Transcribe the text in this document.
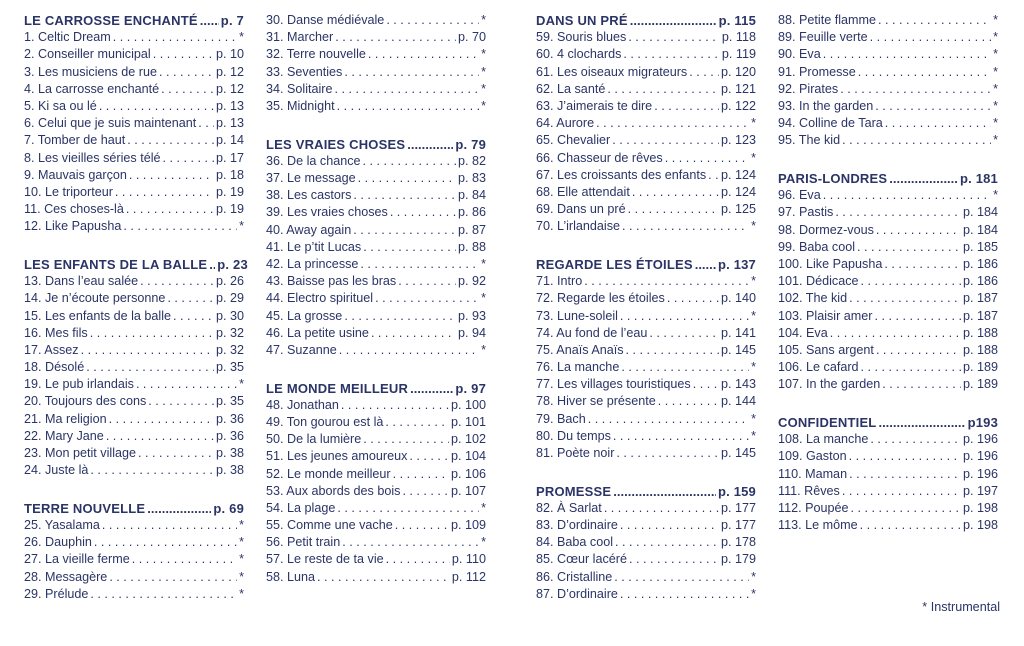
LE CARROSSE ENCHANTÉ ..... p. 7
1. Celtic Dream . . .	*
2. Conseiller municipal . . .	p. 10
3. Les musiciens de rue . . .	p. 12
4. La carrosse enchanté . . .	p. 12
5. Ki sa ou lé . . .	p. 13
6. Celui que je suis maintenant . . . p. 13
7. Tomber de haut . . .	p. 14
8. Les vieilles séries télé . . .	p. 17
9. Mauvais garçon . . .	p. 18
10. Le triporteur . . .	p. 19
11. Ces choses-là . . .	p. 19
12. Like Papusha . . .	*
LES ENFANTS DE LA BALLE ..... p. 23
13. Dans l’eau salée . . .	p. 26
14. Je n’écoute personne . . .	p. 29
15. Les enfants de la balle . . .	p. 30
16. Mes fils . . .	p. 32
17. Assez . . .	p. 32
18. Désolé . . .	p. 35
19. Le pub irlandais . . .	*
20. Toujours des cons . . .	p. 35
21. Ma religion . . .	p. 36
22. Mary Jane . . .	p. 36
23. Mon petit village . . .	p. 38
24. Juste là . . .	p. 38
TERRE NOUVELLE .....	p. 69
25. Yasalama . . .	*
26. Dauphin . . .	*
27. La vieille ferme . . .	*
28. Messagère . . .	*
29. Prélude . . .	*
30. Danse médiévale . . .	*
31. Marcher . . .	p. 70
32. Terre nouvelle . . .	*
33. Seventies . . .	*
34. Solitaire . . .	*
35. Midnight . . .	*
LES VRAIES CHOSES .....	p. 79
36. De la chance . . .	p. 82
37. Le message . . .	p. 83
38. Les castors . . .	p. 84
39. Les vraies choses . . .	p. 86
40. Away again . . .	p. 87
41. Le p’tit Lucas . . .	p. 88
42. La princesse . . .	*
43. Baisse pas les bras . . .	p. 92
44. Electro spirituel . . .	*
45. La grosse . . .	p. 93
46. La petite usine . . .	p. 94
47. Suzanne . . .	*
LE MONDE MEILLEUR .....	p. 97
48. Jonathan . . .	p. 100
49. Ton gourou est là . . .	p. 101
50. De la lumière . . .	p. 102
51. Les jeunes amoureux . . .	p. 104
52. Le monde meilleur . . .	p. 106
53. Aux abords des bois . . .	p. 107
54. La plage . . .	*
55. Comme une vache . . .	p. 109
56. Petit train . . .	*
57. Le reste de ta vie . . .	p. 110
58. Luna . . .	p. 112
DANS UN PRÉ .....	p. 115
59. Souris blues . . .	p. 118
60. 4 clochards . . .	p. 119
61. Les oiseaux migrateurs . . .	p. 120
62. La santé . . .	p. 121
63. J’aimerais te dire . . .	p. 122
64. Aurore . . .	*
65. Chevalier . . .	p. 123
66. Chasseur de rêves . . .	*
67. Les croissants des enfants . . . p. 124
68. Elle attendait . . .	p. 124
69. Dans un pré . . .	p. 125
70. L’irlandaise . . .	*
REGARDE LES ÉTOILES ..... p. 137
71. Intro . . .	*
72. Regarde les étoiles . . .	p. 140
73. Lune-soleil . . .	*
74. Au fond de l’eau . . .	p. 141
75. Anaïs Anaïs . . .	p. 145
76. La manche . . .	*
77. Les villages touristiques . . . p. 143
78. Hiver se présente . . .	p. 144
79. Bach . . .	*
80. Du temps . . .	*
81. Poète noir . . .	p. 145
PROMESSE .....	p. 159
82. À Sarlat . . .	p. 177
83. D’ordinaire . . .	p. 177
84. Baba cool . . .	p. 178
85. Cœur lacéré . . .	p. 179
86. Cristalline . . .	*
87. D’ordinaire . . .	*
88. Petite flamme . . .	*
89. Feuille verte . . .	*
90. Eva . . .	*
91. Promesse . . .	*
92. Pirates . . .	*
93. In the garden . . .	*
94. Colline de Tara . . .	*
95. The kid . . .	*
PARIS-LONDRES .....	p. 181
96. Eva . . .	*
97. Pastis . . .	p. 184
98. Dormez-vous . . .	p. 184
99. Baba cool . . .	p. 185
100. Like Papusha . . .	p. 186
101. Dédicace . . .	p. 186
102. The kid . . .	p. 187
103. Plaisir amer . . .	p. 187
104. Eva . . .	p. 188
105. Sans argent . . .	p. 188
106. Le cafard . . .	p. 189
107. In the garden . . .	p. 189
CONFIDENTIEL .....	p193
108. La manche . . .	p. 196
109. Gaston . . .	p. 196
110. Maman . . .	p. 196
111. Rêves . . .	p. 197
112. Poupée . . .	p. 198
113. Le môme . . .	p. 198
* Instrumental
